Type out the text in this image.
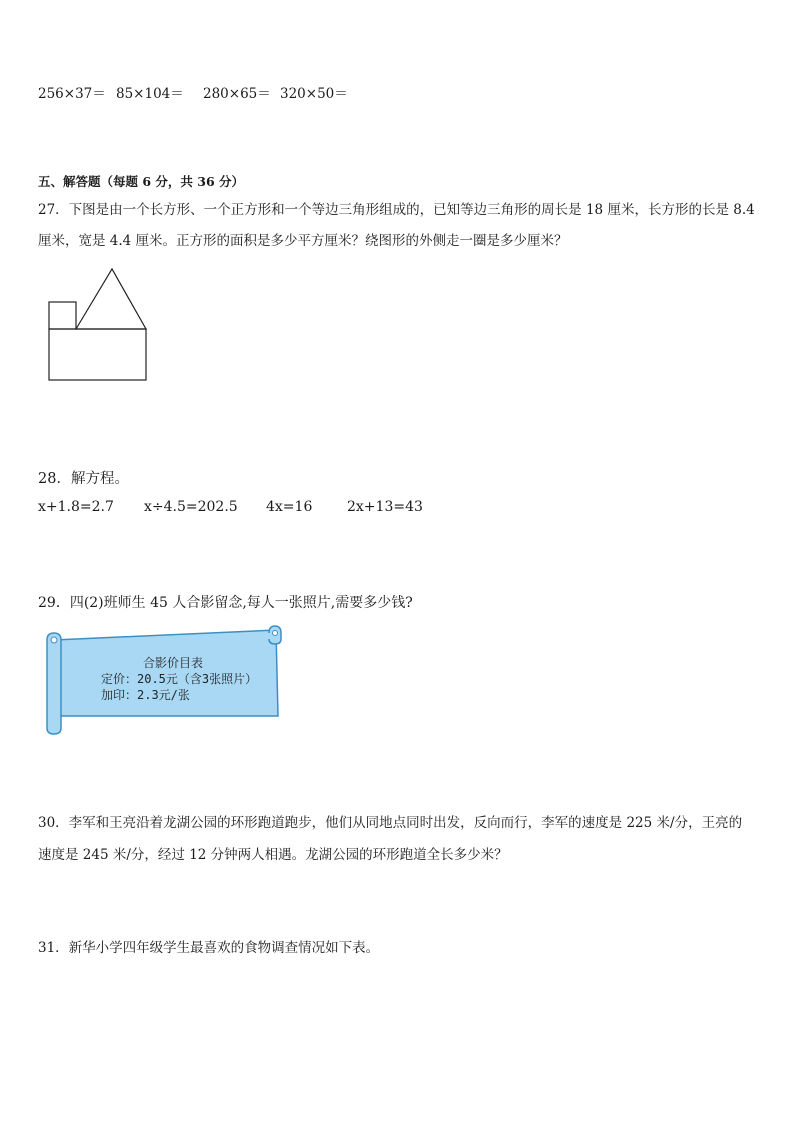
256×37＝ 85×104＝ 280×65＝ 320×50＝
五、解答题（每题 6 分，共 36 分）
27．下图是由一个长方形、一个正方形和一个等边三角形组成的，已知等边三角形的周长是 18 厘米，长方形的长是 8.4
厘米，宽是 4.4 厘米。正方形的面积是多少平方厘米？绕图形的外侧走一圈是多少厘米？
28．解方程。
x+1.8=2.7 x÷4.5=202.5 4x=16 2x+13=43
29．四(2)班师生 45 人合影留念,每人一张照片,需要多少钱?
合影价目表
定价：20.5元（含3张照片）
加印：2.3元/张
30．李军和王亮沿着龙湖公园的环形跑道跑步，他们从同地点同时出发，反向而行，李军的速度是 225 米/分，王亮的
速度是 245 米/分，经过 12 分钟两人相遇。龙湖公园的环形跑道全长多少米？
31．新华小学四年级学生最喜欢的食物调查情况如下表。
